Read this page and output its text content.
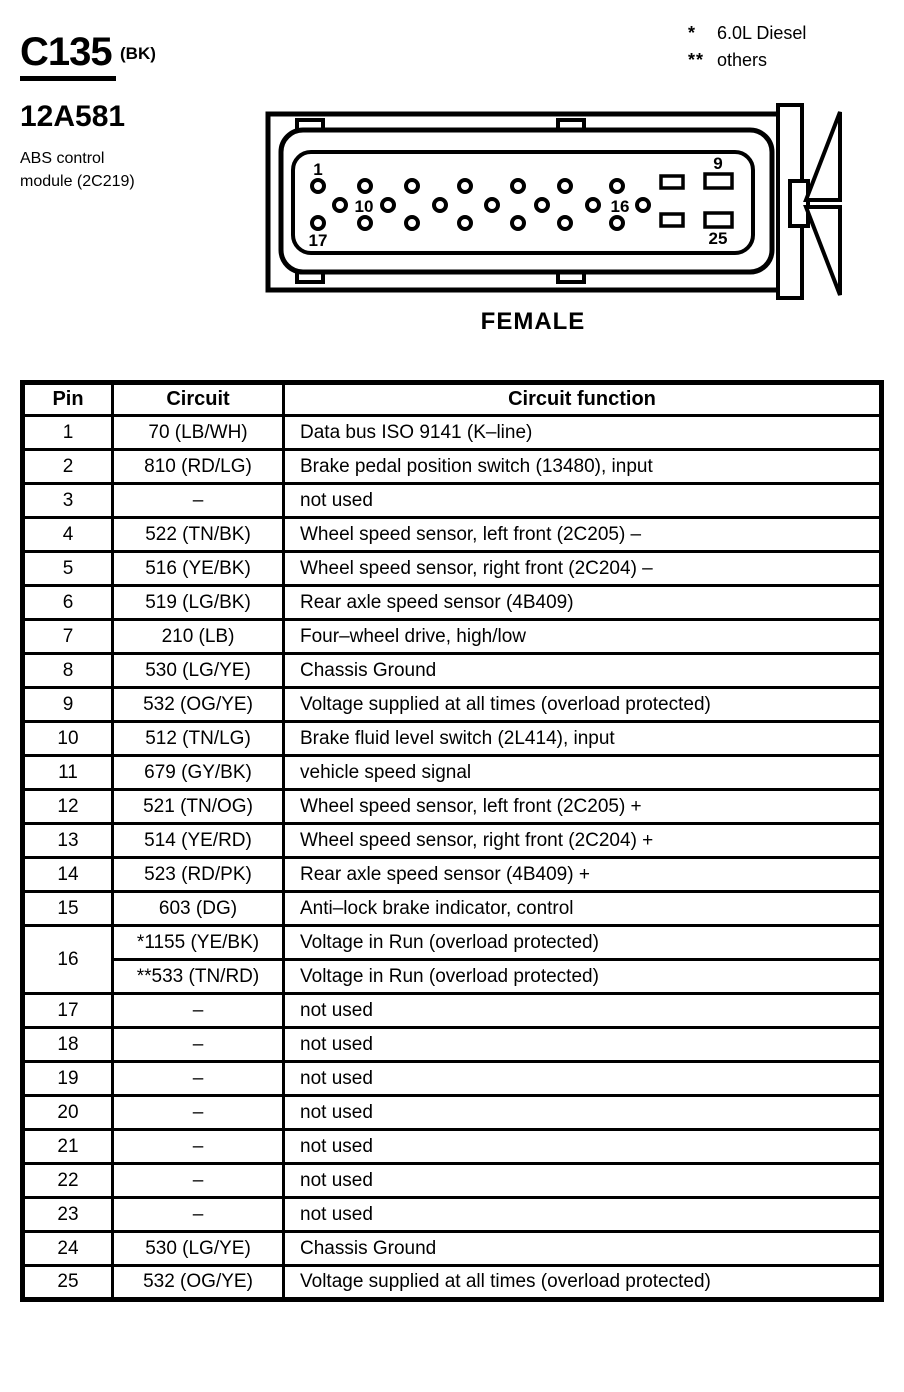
C135 (BK)
12A581
ABS control
module (2C219)
*	6.0L Diesel
** others
1	9
10	16
17	25
FEMALE
Pin	Circuit	Circuit function
1	70 (LB/WH)	Data bus ISO 9141 (K–line)
2	810 (RD/LG)	Brake pedal position switch (13480), input
3	–	not used
4	522 (TN/BK)	Wheel speed sensor, left front (2C205) –
5	516 (YE/BK)	Wheel speed sensor, right front (2C204) –
6	519 (LG/BK)	Rear axle speed sensor (4B409)
7	210 (LB)	Four–wheel drive, high/low
8	530 (LG/YE)	Chassis Ground
9	532 (OG/YE)	Voltage supplied at all times (overload protected)
10	512 (TN/LG)	Brake fluid level switch (2L414), input
11	679 (GY/BK)	vehicle speed signal
12	521 (TN/OG)	Wheel speed sensor, left front (2C205) +
13	514 (YE/RD)	Wheel speed sensor, right front (2C204) +
14	523 (RD/PK)	Rear axle speed sensor (4B409) +
15	603 (DG)	Anti–lock brake indicator, control
16	*1155 (YE/BK)	Voltage in Run (overload protected)
	**533 (TN/RD)	Voltage in Run (overload protected)
17	–	not used
18	–	not used
19	–	not used
20	–	not used
21	–	not used
22	–	not used
23	–	not used
24	530 (LG/YE)	Chassis Ground
25	532 (OG/YE)	Voltage supplied at all times (overload protected)
